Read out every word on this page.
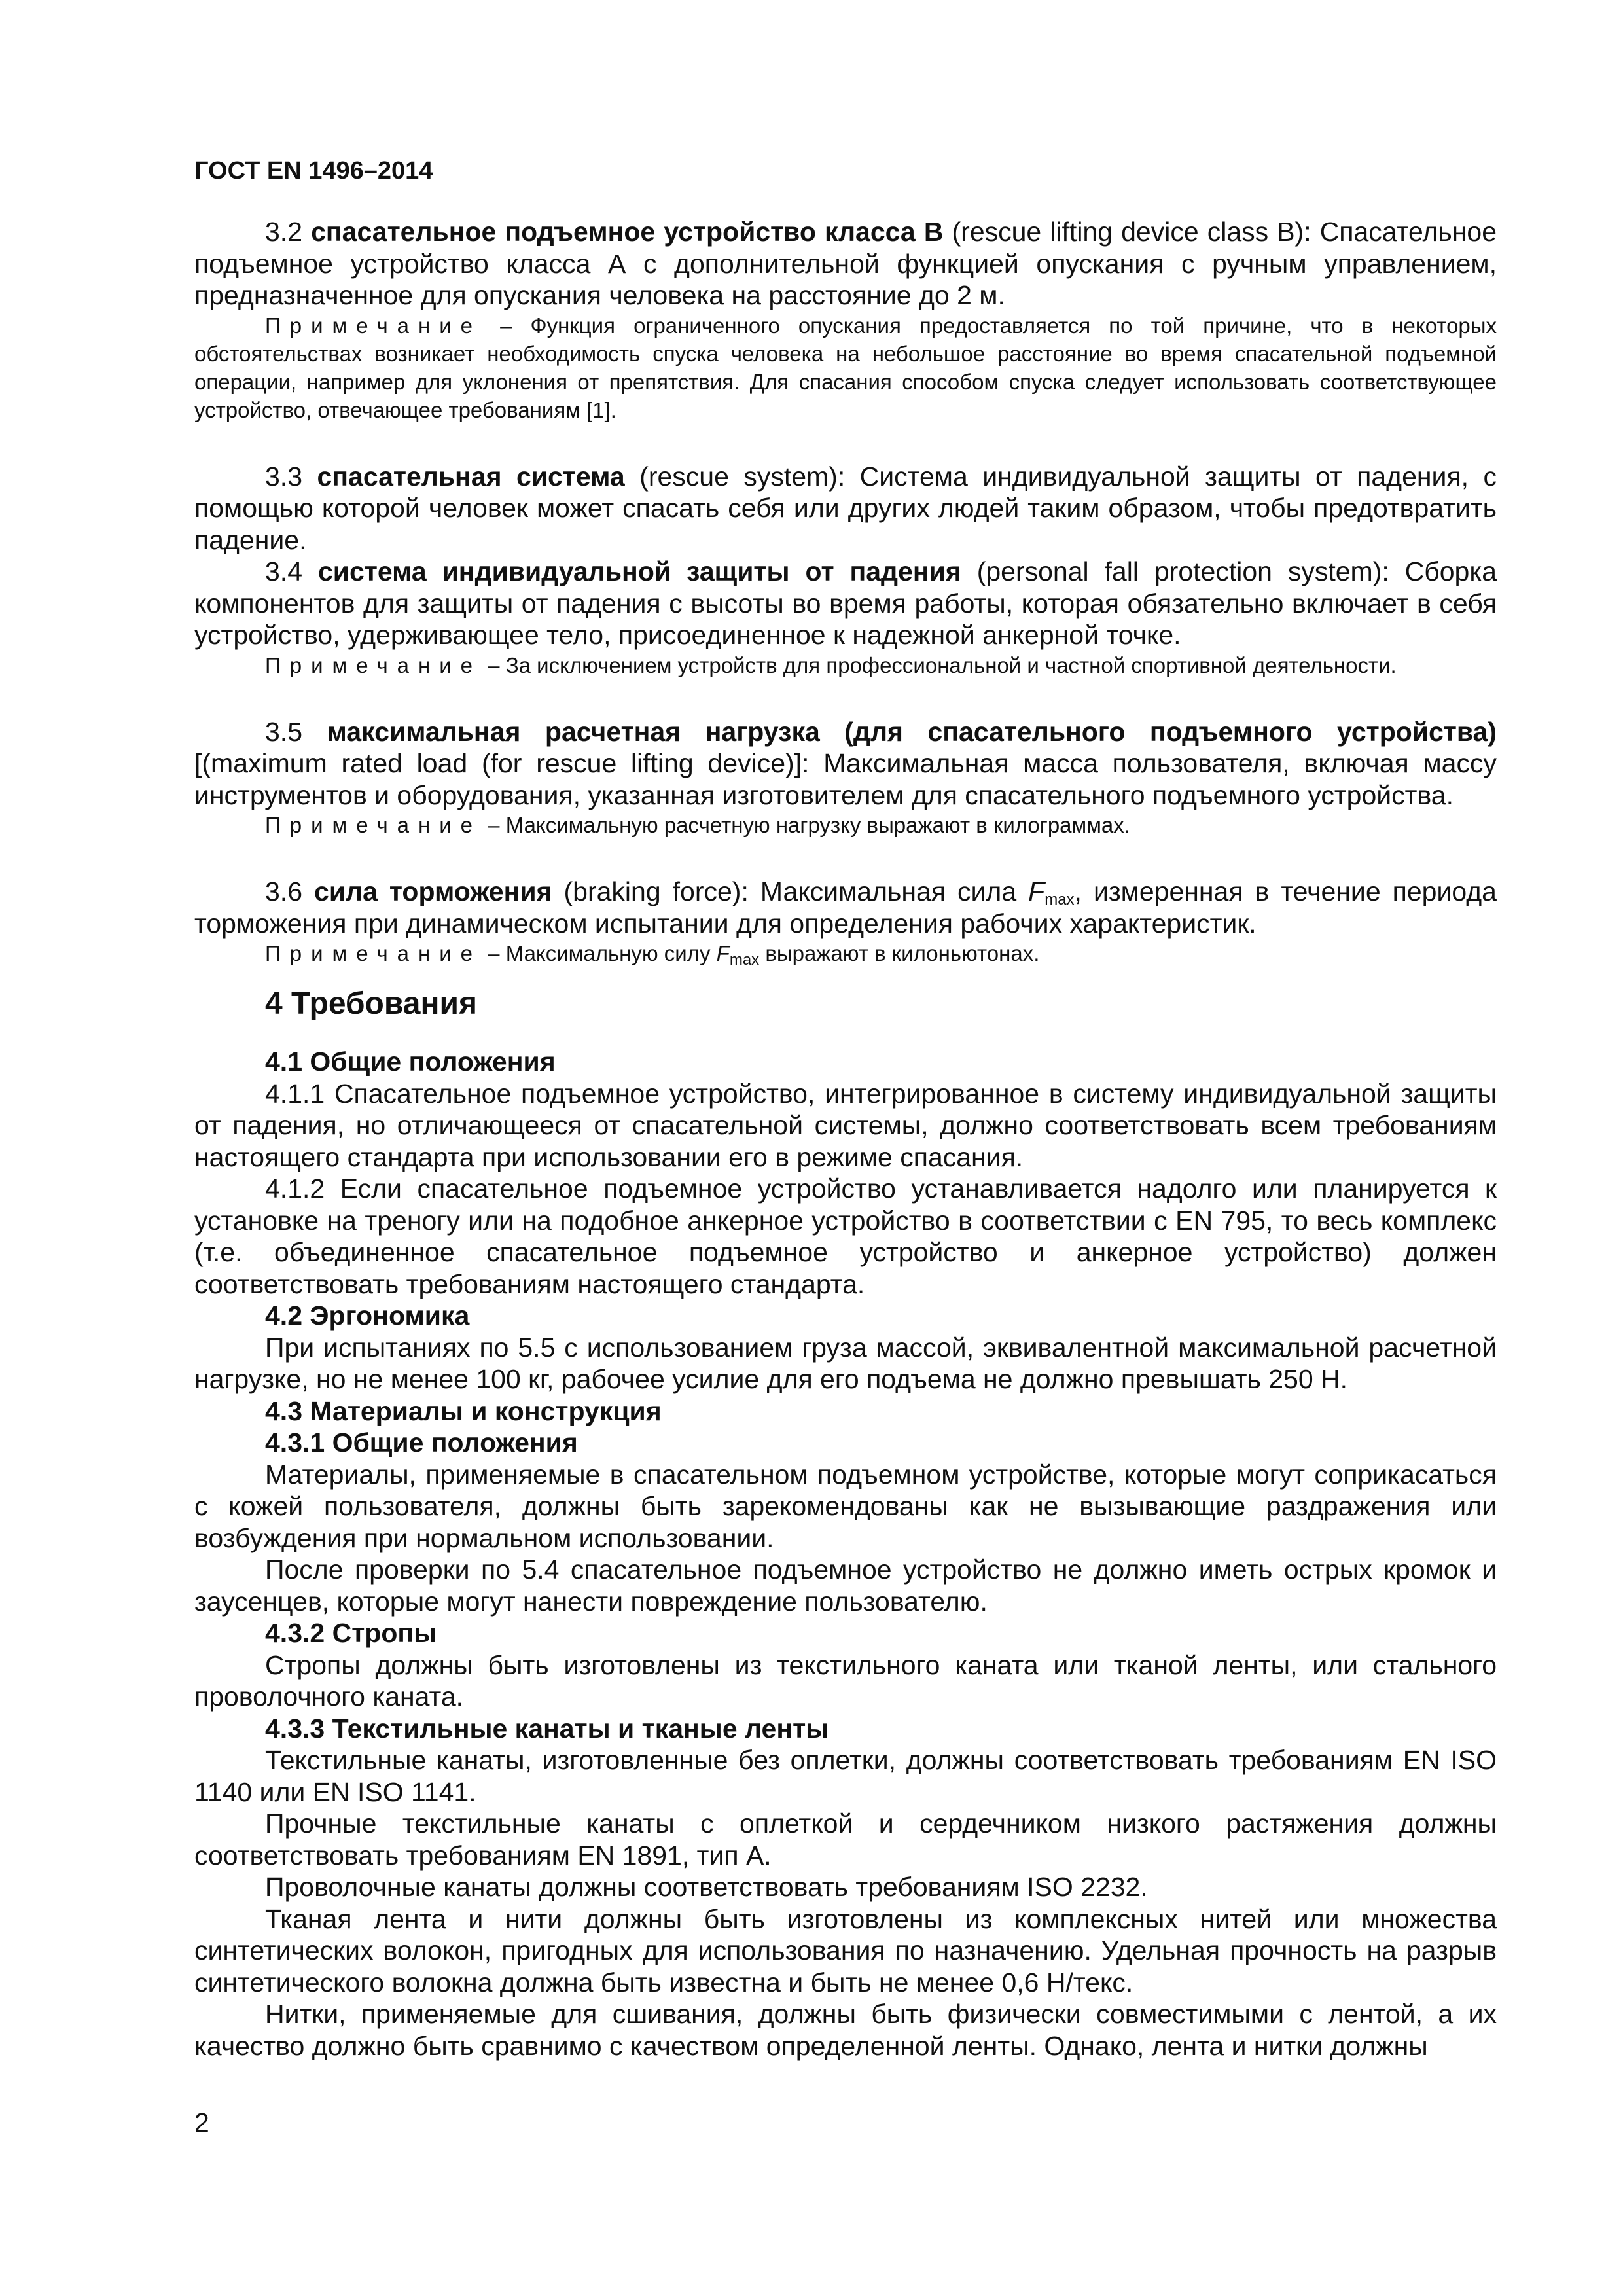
ГОСТ EN 1496–2014

3.2 спасательное подъемное устройство класса В (rescue lifting device class В): Спасательное подъемное устройство класса А с дополнительной функцией опускания с ручным управлением, предназначенное для опускания человека на расстояние до 2 м.

Примечание – Функция ограниченного опускания предоставляется по той причине, что в некоторых обстоятельствах возникает необходимость спуска человека на небольшое расстояние во время спасательной подъемной операции, например для уклонения от препятствия. Для спасания способом спуска следует использовать соответствующее устройство, отвечающее требованиям [1].

3.3 спасательная система (rescue system): Система индивидуальной защиты от падения, с помощью которой человек может спасать себя или других людей таким образом, чтобы предотвратить падение.

3.4 система индивидуальной защиты от падения (personal fall protection system): Сборка компонентов для защиты от падения с высоты во время работы, которая обязательно включает в себя устройство, удерживающее тело, присоединенное к надежной анкерной точке.

Примечание – За исключением устройств для профессиональной и частной спортивной деятельности.

3.5 максимальная расчетная нагрузка (для спасательного подъемного устройства) [(maximum rated load (for rescue lifting device)]: Максимальная масса пользователя, включая массу инструментов и оборудования, указанная изготовителем для спасательного подъемного устройства.

Примечание – Максимальную расчетную нагрузку выражают в килограммах.

3.6 сила торможения (braking force): Максимальная сила $F_{max}$, измеренная в течение периода торможения при динамическом испытании для определения рабочих характеристик.

Примечание – Максимальную силу $F_{max}$ выражают в килоньютонах.

4 Требования
4.1 Общие положения

4.1.1 Спасательное подъемное устройство, интегрированное в систему индивидуальной защиты от падения, но отличающееся от спасательной системы, должно соответствовать всем требованиям настоящего стандарта при использовании его в режиме спасания.

4.1.2 Если спасательное подъемное устройство устанавливается надолго или планируется к установке на треногу или на подобное анкерное устройство в соответствии с EN 795, то весь комплекс (т.е. объединенное спасательное подъемное устройство и анкерное устройство) должен соответствовать требованиям настоящего стандарта.

4.2 Эргономика

При испытаниях по 5.5 с использованием груза массой, эквивалентной максимальной расчетной нагрузке, но не менее 100 кг, рабочее усилие для его подъема не должно превышать 250 Н.

4.3 Материалы и конструкция
4.3.1 Общие положения

Материалы, применяемые в спасательном подъемном устройстве, которые могут соприкасаться с кожей пользователя, должны быть зарекомендованы как не вызывающие раздражения или возбуждения при нормальном использовании.

После проверки по 5.4 спасательное подъемное устройство не должно иметь острых кромок и заусенцев, которые могут нанести повреждение пользователю.

4.3.2 Стропы

Стропы должны быть изготовлены из текстильного каната или тканой ленты, или стального проволочного каната.

4.3.3 Текстильные канаты и тканые ленты

Текстильные канаты, изготовленные без оплетки, должны соответствовать требованиям EN ISO 1140 или EN ISO 1141.

Прочные текстильные канаты с оплеткой и сердечником низкого растяжения должны соответствовать требованиям EN 1891, тип А.

Проволочные канаты должны соответствовать требованиям ISO 2232.

Тканая лента и нити должны быть изготовлены из комплексных нитей или множества синтетических волокон, пригодных для использования по назначению. Удельная прочность на разрыв синтетического волокна должна быть известна и быть не менее 0,6 Н/текс.

Нитки, применяемые для сшивания, должны быть физически совместимыми с лентой, а их качество должно быть сравнимо с качеством определенной ленты. Однако, лента и нитки должны

2
